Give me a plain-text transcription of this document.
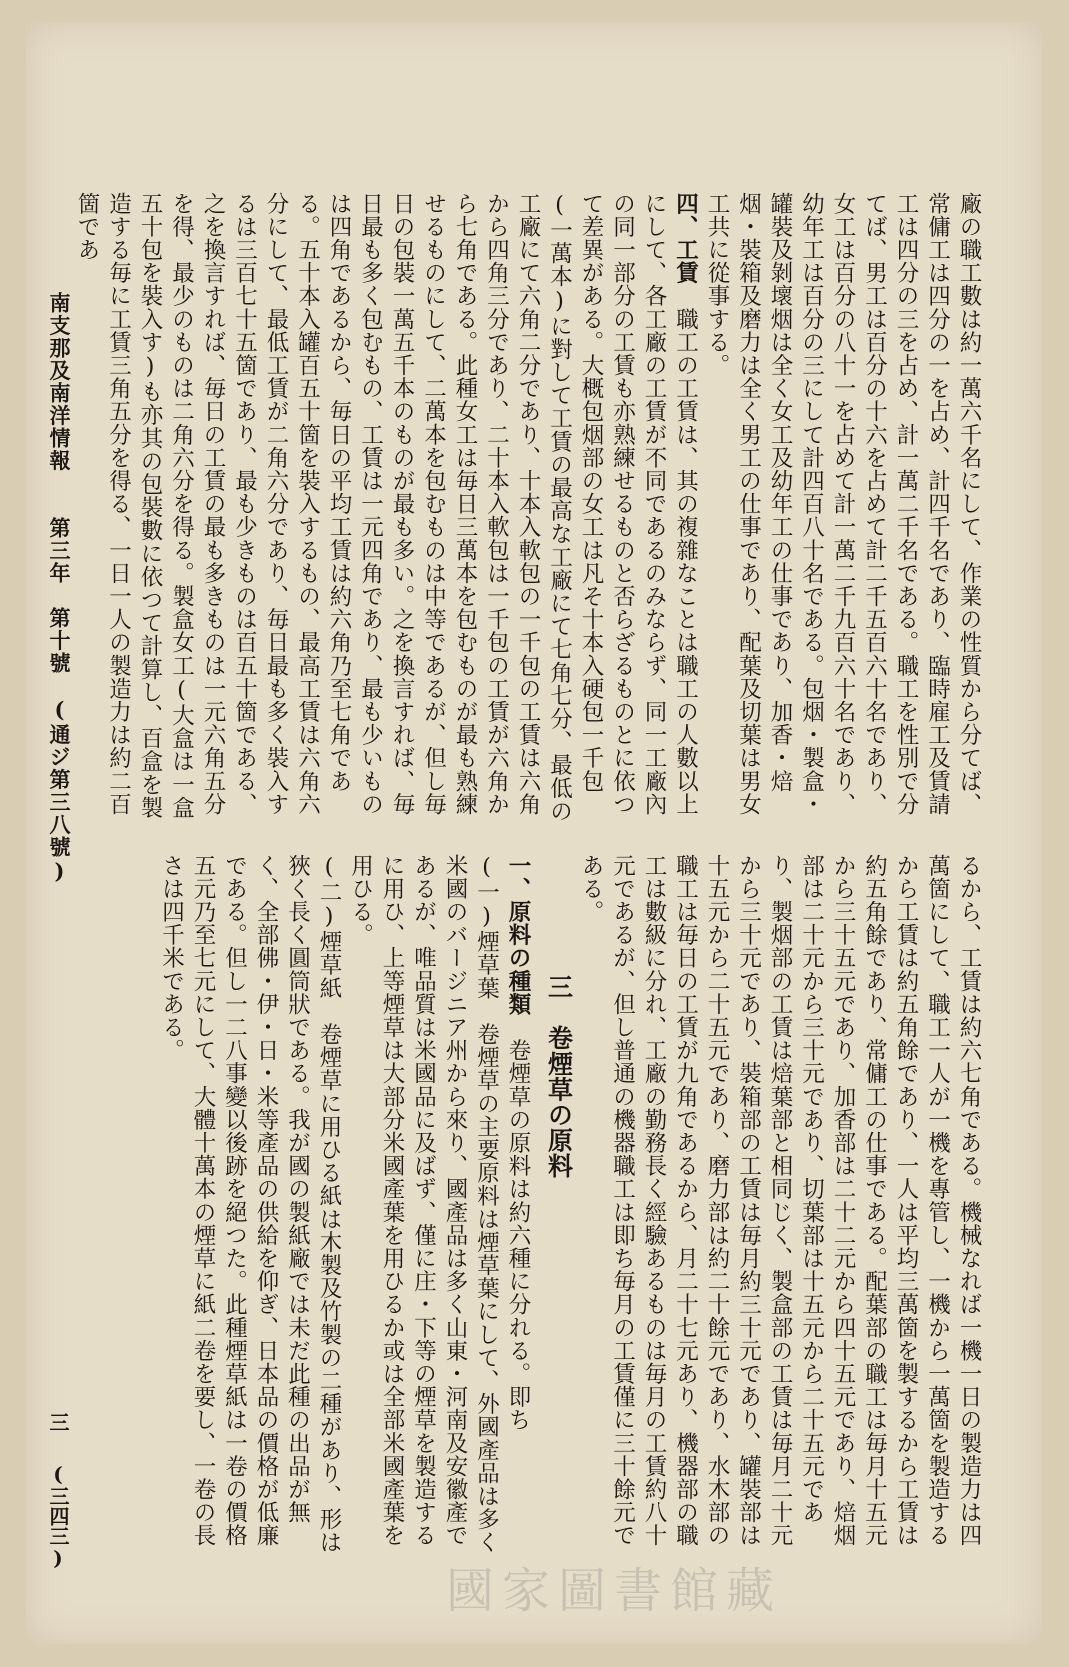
廠の職工數は約一萬六千名にして、作業の性質から分てば、常傭工は四分の一を占め、計四千名であり、臨時雇工及賃請工は四分の三を占め、計一萬二千名である。職工を性別で分てば、男工は百分の十六を占めて計二千五百六十名であり、女工は百分の八十一を占めて計一萬二千九百六十名であり、幼年工は百分の三にして計四百八十名である。包烟・製盒・罐裝及剝壞烟は全く女工及幼年工の仕事であり、加香・焙烟・裝箱及磨力は全く男工の仕事であり、配葉及切葉は男女工共に從事する。

四、工賃　職工の工賃は、其の複雜なことは職工の人數以上にして、各工廠の工賃が不同であるのみならず、同一工廠內の同一部分の工賃も亦熟練せるものと否らざるものとに依つて差異がある。大概包烟部の女工は凡そ十本入硬包一千包(一萬本)に對して工賃の最高な工廠にて七角七分、最低の工廠にて六角二分であり、十本入軟包の一千包の工賃は六角から四角三分であり、二十本入軟包は一千包の工賃が六角から七角である。此種女工は毎日三萬本を包むものが最も熟練せるものにして、二萬本を包むものは中等であるが、但し毎日の包裝一萬五千本のものが最も多い。之を換言すれば、毎日最も多く包むもの、工賃は一元四角であり、最も少いものは四角であるから、毎日の平均工賃は約六角乃至七角である。五十本入罐百五十箇を裝入するもの、最高工賃は六角六分にして、最低工賃が二角六分であり、毎日最も多く裝入するは三百七十五箇であり、最も少きものは百五十箇である、之を換言すれば、毎日の工賃の最も多きものは一元六角五分を得、最少のものは二角六分を得る。製盒女工(大盒は一盒五十包を裝入す)も亦其の包裝數に依つて計算し、百盒を製造する毎に工賃三角五分を得る、一日一人の製造力は約二百箇であ

るから、工賃は約六七角である。機械なれば一機一日の製造力は四萬箇にして、職工一人が一機を專管し、一機から一萬箇を製造するから工賃は約五角餘であり、一人は平均三萬箇を製するから工賃は約五角餘であり、常傭工の仕事である。配葉部の職工は毎月十五元から三十五元であり、加香部は二十二元から四十五元であり、焙烟部は二十元から三十元であり、切葉部は十五元から二十五元であり、製烟部の工賃は焙葉部と相同じく、製盒部の工賃は毎月二十元から三十元であり、裝箱部の工賃は毎月約三十元であり、罐裝部は十五元から二十五元であり、磨力部は約二十餘元であり、水木部の職工は毎日の工賃が九角であるから、月二十七元あり、機器部の職工は數級に分れ、工廠の勤務長く經驗あるものは毎月の工賃約八十元であるが、但し普通の機器職工は即ち毎月の工賃僅に三十餘元である。

三　卷煙草の原料

一、原料の種類　卷煙草の原料は約六種に分れる。即ち

(一)煙草葉　卷煙草の主要原料は煙草葉にして、外國產品は多く米國のバージニア州から來り、國產品は多く山東・河南及安徽產であるが、唯品質は米國品に及ばず、僅に庄・下等の煙草を製造するに用ひ、上等煙草は大部分米國產葉を用ひるか或は全部米國產葉を用ひる。

(二)煙草紙　卷煙草に用ひる紙は木製及竹製の二種があり、形は狹く長く圓筒狀である。我が國の製紙廠では未だ此種の出品が無く、全部佛・伊・日・米等產品の供給を仰ぎ、日本品の價格が低廉である。但し一二八事變以後跡を絕つた。此種煙草紙は一卷の價格五元乃至七元にして、大體十萬本の煙草に紙二卷を要し、一卷の長さは四千米である。

南支那及南洋情報　　第三年　第十號　(通ジ第三八號)
三
(三四三)
國家圖書館藏
